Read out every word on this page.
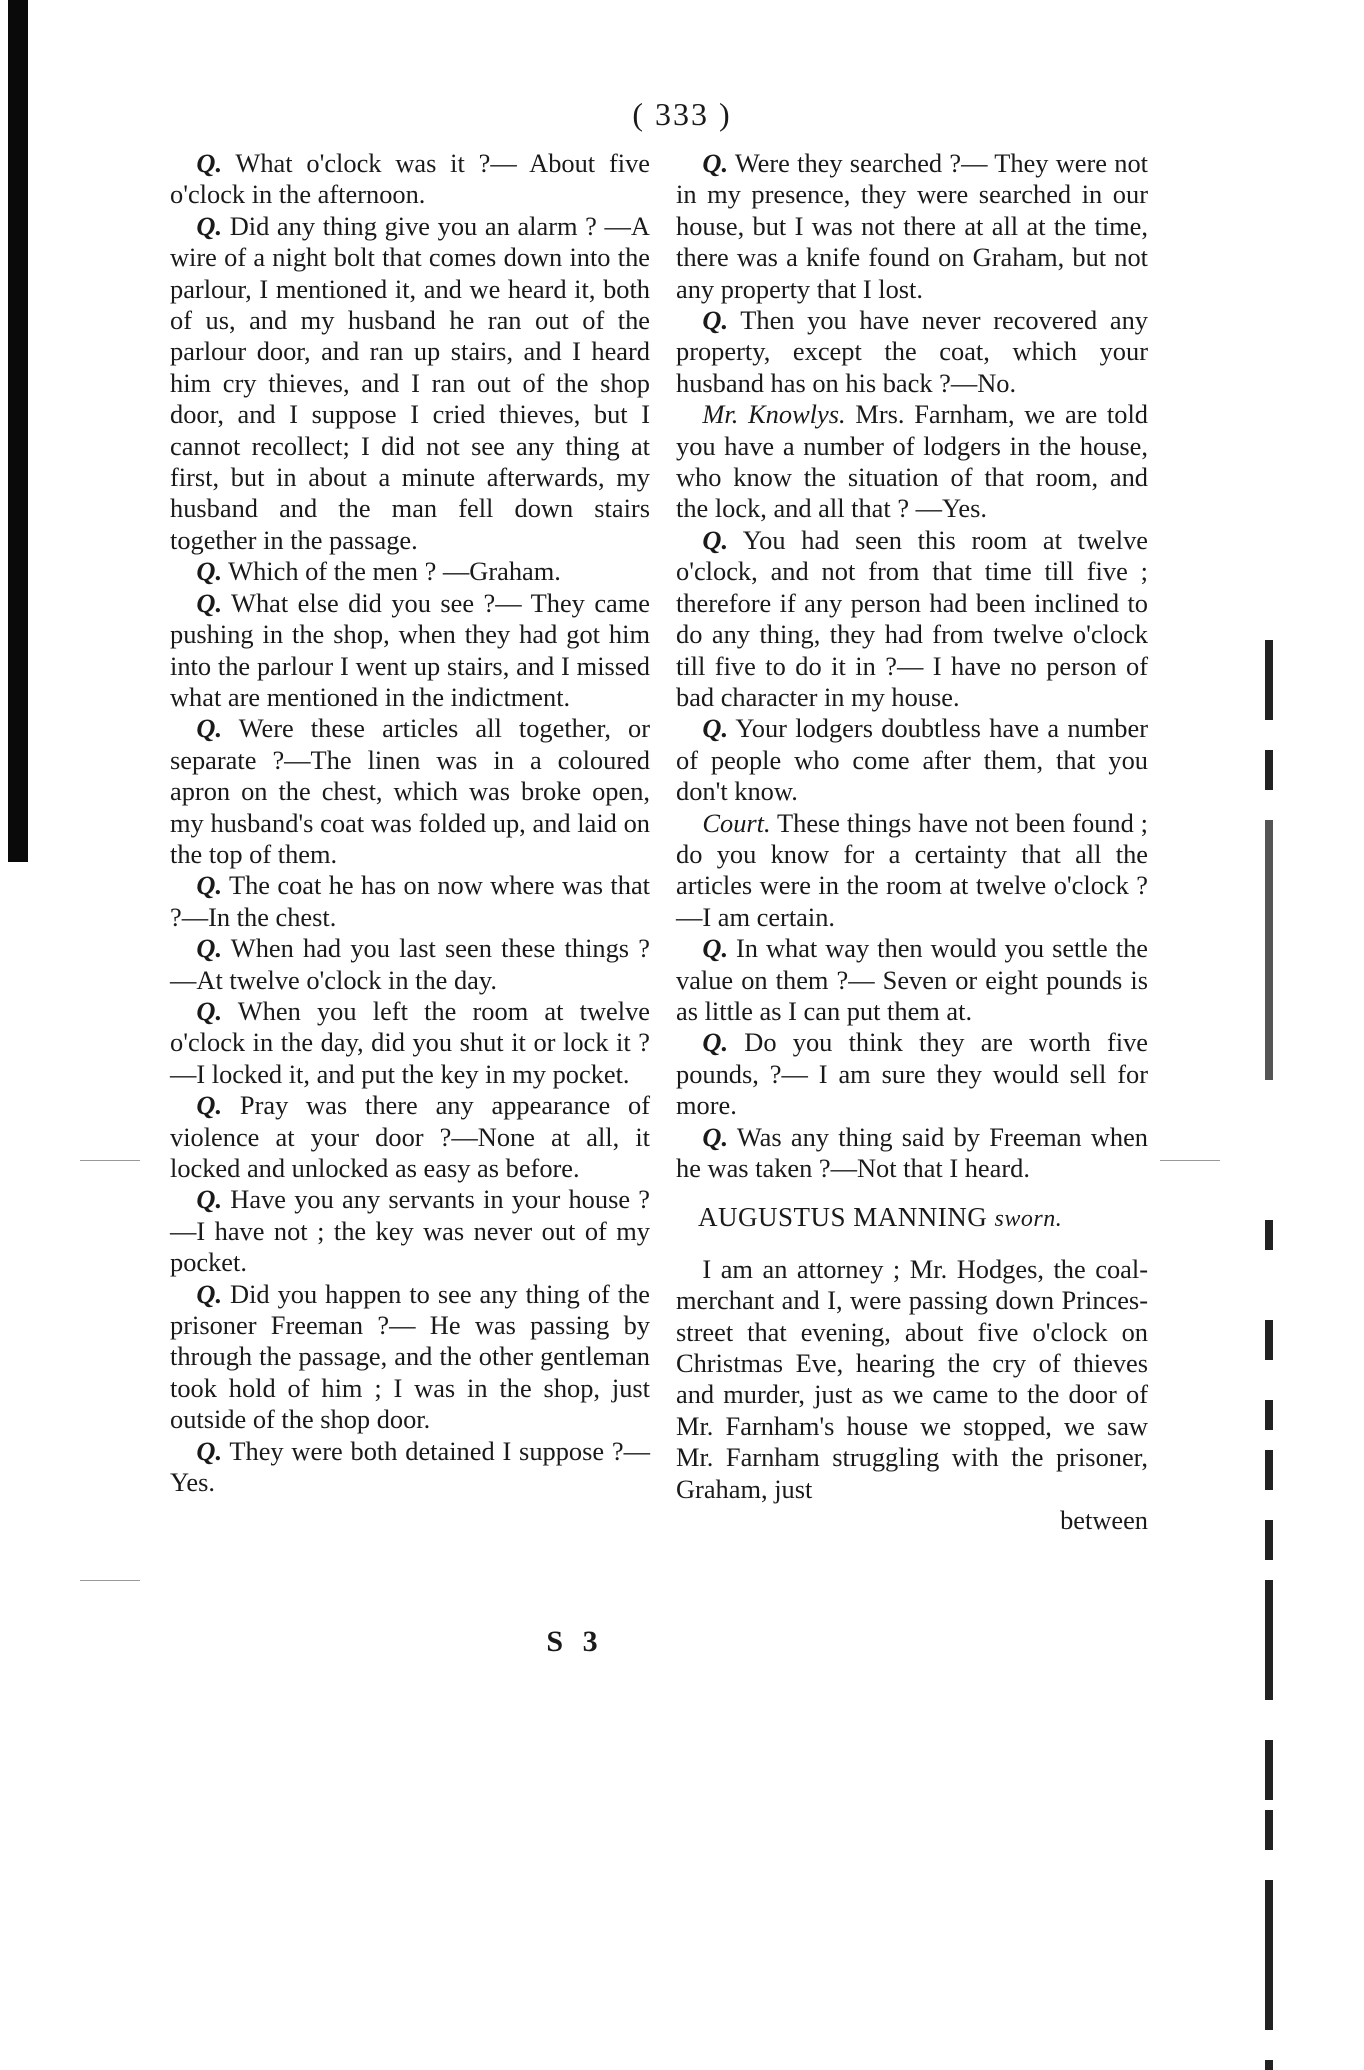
( 333 )

Q. What o'clock was it ?— About five o'clock in the afternoon.

Q. Did any thing give you an alarm ? —A wire of a night bolt that comes down into the parlour, I mentioned it, and we heard it, both of us, and my husband he ran out of the parlour door, and ran up stairs, and I heard him cry thieves, and I ran out of the shop door, and I suppose I cried thieves, but I cannot recollect; I did not see any thing at first, but in about a minute afterwards, my husband and the man fell down stairs together in the passage.

Q. Which of the men ? —Graham.

Q. What else did you see ?— They came pushing in the shop, when they had got him into the parlour I went up stairs, and I missed what are mentioned in the indictment.

Q. Were these articles all together, or separate ?—The linen was in a coloured apron on the chest, which was broke open, my husband's coat was folded up, and laid on the top of them.

Q. The coat he has on now where was that ?—In the chest.

Q. When had you last seen these things ?—At twelve o'clock in the day.

Q. When you left the room at twelve o'clock in the day, did you shut it or lock it ?—I locked it, and put the key in my pocket.

Q. Pray was there any appearance of violence at your door ?—None at all, it locked and unlocked as easy as before.

Q. Have you any servants in your house ?—I have not ; the key was never out of my pocket.

Q. Did you happen to see any thing of the prisoner Freeman ?— He was passing by through the passage, and the other gentleman took hold of him ; I was in the shop, just outside of the shop door.

Q. They were both detained I suppose ?—Yes.

Q. Were they searched ?— They were not in my presence, they were searched in our house, but I was not there at all at the time, there was a knife found on Graham, but not any property that I lost.

Q. Then you have never recovered any property, except the coat, which your husband has on his back ?—No.

Mr. Knowlys. Mrs. Farnham, we are told you have a number of lodgers in the house, who know the situation of that room, and the lock, and all that ? —Yes.

Q. You had seen this room at twelve o'clock, and not from that time till five ; therefore if any person had been inclined to do any thing, they had from twelve o'clock till five to do it in ?— I have no person of bad character in my house.

Q. Your lodgers doubtless have a number of people who come after them, that you don't know.

Court. These things have not been found ; do you know for a certainty that all the articles were in the room at twelve o'clock ?—I am certain.

Q. In what way then would you settle the value on them ?— Seven or eight pounds is as little as I can put them at.

Q. Do you think they are worth five pounds, ?— I am sure they would sell for more.

Q. Was any thing said by Freeman when he was taken ?—Not that I heard.

AUGUSTUS MANNING sworn.

I am an attorney ; Mr. Hodges, the coal-merchant and I, were passing down Princes-street that evening, about five o'clock on Christmas Eve, hearing the cry of thieves and murder, just as we came to the door of Mr. Farnham's house we stopped, we saw Mr. Farnham struggling with the prisoner, Graham, just

between

S 3
